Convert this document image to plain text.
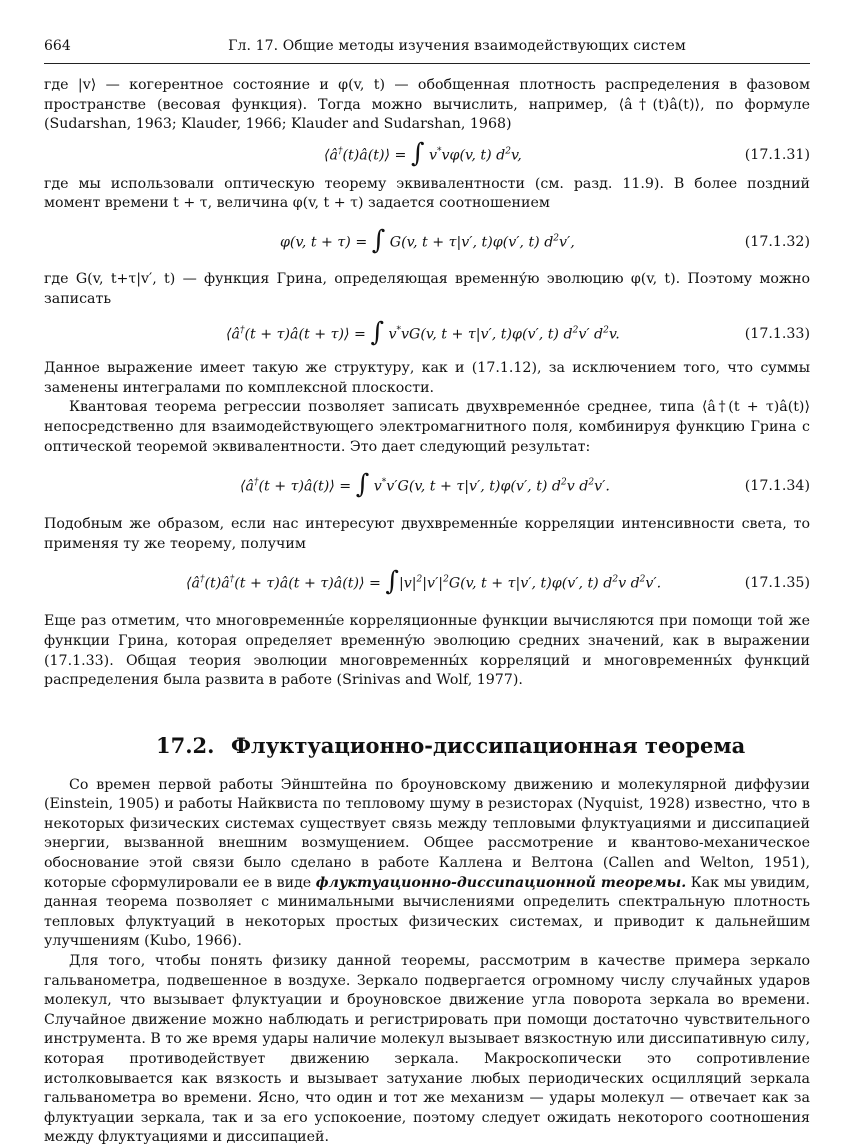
664	Гл. 17. Общие методы изучения взаимодействующих систем

где |v⟩ — когерентное состояние и φ(v, t) — обобщенная плотность распределения в фазовом пространстве (весовая функция). Тогда можно вычислить, например, ⟨â†(t)â(t)⟩, по формуле (Sudarshan, 1963; Klauder, 1966; Klauder and Sudarshan, 1968)

⟨â†(t)â(t)⟩ = ∫ v*vφ(v, t) $d^2v$,	(17.1.31)

где мы использовали оптическую теорему эквивалентности (см. разд. 11.9). В более поздний момент времени t + τ, величина φ(v, t + τ) задается соотношением

φ(v, t + τ) = ∫ G(v, t + τ|v′, t)φ(v′, t) $d^2v'$,	(17.1.32)

где G(v, t+τ|v′, t) — функция Грина, определяющая временну́ю эволюцию φ(v, t). Поэтому можно записать

⟨â†(t + τ)â(t + τ)⟩ = ∫ v*vG(v, t + τ|v′, t)φ(v′, t) $d^2v'$ $d^2v$.	(17.1.33)

Данное выражение имеет такую же структуру, как и (17.1.12), за исключением того, что суммы заменены интегралами по комплексной плоскости.

Квантовая теорема регрессии позволяет записать двухвременно́е среднее, типа ⟨â†(t + τ)â(t)⟩ непосредственно для взаимодействующего электромагнитного поля, комбинируя функцию Грина с оптической теоремой эквивалентности. Это дает следующий результат:

⟨â†(t + τ)â(t)⟩ = ∫ v*v′G(v, t + τ|v′, t)φ(v′, t) $d^2v$ $d^2v'$.	(17.1.34)

Подобным же образом, если нас интересуют двухвременны́е корреляции интенсивности света, то применяя ту же теорему, получим

⟨â†(t)â†(t + τ)â(t + τ)â(t)⟩ = $\int|v|^2|v'|^2G(v$, t + τ|v′, t)φ(v′, t) $d^2v$ $d^2v'$.	(17.1.35)

Еще раз отметим, что многовременны́е корреляционные функции вычисляются при помощи той же функции Грина, которая определяет временну́ю эволюцию средних значений, как в выражении (17.1.33). Общая теория эволюции многовременны́х корреляций и многовременны́х функций распределения была развита в работе (Srinivas and Wolf, 1977).

17.2. Флуктуационно-диссипационная теорема

Со времен первой работы Эйнштейна по броуновскому движению и молекулярной диффузии (Einstein, 1905) и работы Найквиста по тепловому шуму в резисторах (Nyquist, 1928) известно, что в некоторых физических системах существует связь между тепловыми флуктуациями и диссипацией энергии, вызванной внешним возмущением. Общее рассмотрение и квантово-механическое обоснование этой связи было сделано в работе Каллена и Велтона (Callen and Welton, 1951), которые сформулировали ее в виде флуктуационно-диссипационной теоремы. Как мы увидим, данная теорема позволяет с минимальными вычислениями определить спектральную плотность тепловых флуктуаций в некоторых простых физических системах, и приводит к дальнейшим улучшениям (Kubo, 1966).

Для того, чтобы понять физику данной теоремы, рассмотрим в качестве примера зеркало гальванометра, подвешенное в воздухе. Зеркало подвергается огромному числу случайных ударов молекул, что вызывает флуктуации и броуновское движение угла поворота зеркала во времени. Случайное движение можно наблюдать и регистрировать при помощи достаточно чувствительного инструмента. В то же время удары наличие молекул вызывает вязкостную или диссипативную силу, которая противодействует движению зеркала. Макроскопически это сопротивление истолковывается как вязкость и вызывает затухание любых периодических осцилляций зеркала гальванометра во времени. Ясно, что один и тот же механизм — удары молекул — отвечает как за флуктуации зеркала, так и за его успокоение, поэтому следует ожидать некоторого соотношения между флуктуациями и диссипацией.
